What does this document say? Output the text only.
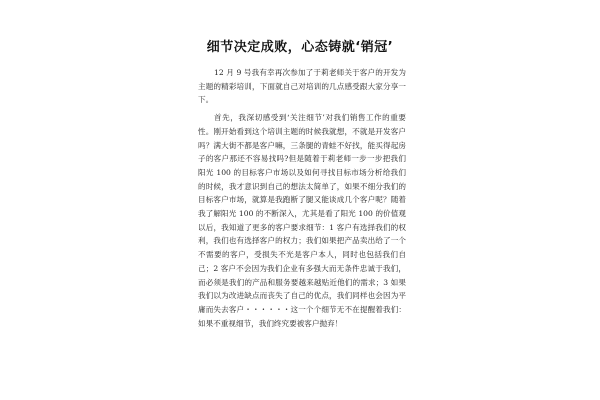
细节决定成败，心态铸就‘销冠’

12 月 9 号我有幸再次参加了于莉老师关于客户的开发为主题的精彩培训，下面就自己对培训的几点感受跟大家分享一下。

首先，我深切感受到‘关注细节’对我们销售工作的重要性。刚开始看到这个培训主题的时候我就想，不就是开发客户吗？满大街不都是客户嘛，三条腿的青蛙不好找，能买得起房子的客户那还不容易找吗?但是随着于莉老师一步一步把我们阳光 100 的目标客户市场以及如何寻找目标市场分析给我们的时候，我才意识到自己的想法太简单了，如果不细分我们的目标客户市场，就算是我跑断了腿又能谈成几个客户呢？随着我了解阳光 100 的不断深入，尤其是看了阳光 100 的价值观以后，我知道了更多的客户要求细节：1 客户有选择我们的权利，我们也有选择客户的权力；我们如果把产品卖出给了一个不需要的客户，受损失不光是客户本人，同时也包括我们自己；2 客户不会因为我们企业有多强大而无条件忠诚于我们，而必须是我们的产品和服务要越来越贴近他们的需求；3 如果我们以为改进缺点而丧失了自己的优点，我们同样也会因为平庸而失去客户・・・・・・这一个个细节无不在提醒着我们：如果不重视细节，我们终究要被客户抛弃！
